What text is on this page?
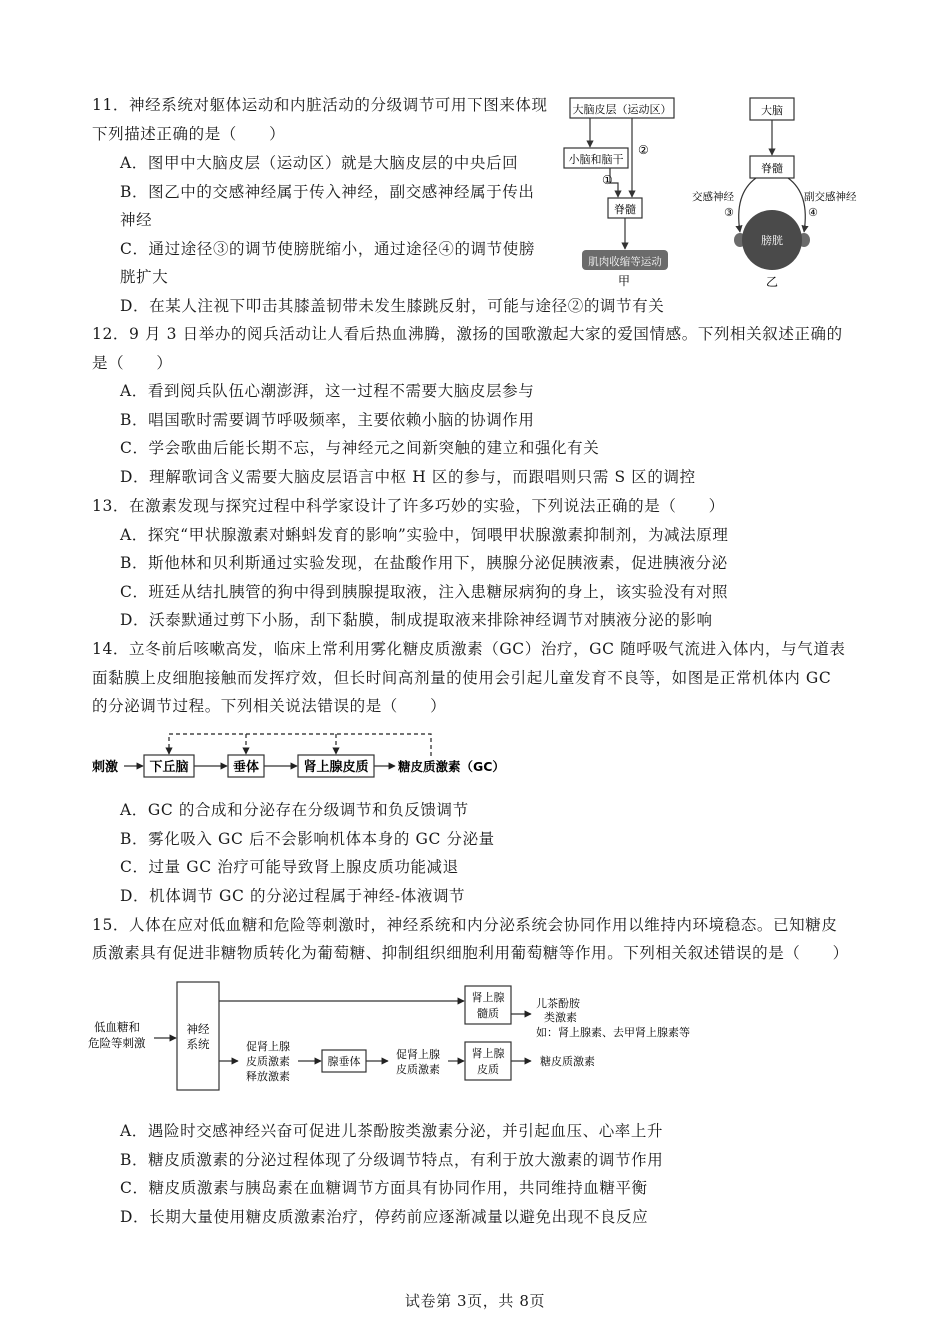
11．神经系统对躯体运动和内脏活动的分级调节可用下图来体现
下列描述正确的是（　　）
A．图甲中大脑皮层（运动区）就是大脑皮层的中央后回
B．图乙中的交感神经属于传入神经，副交感神经属于传出
神经
C．通过途径③的调节使膀胱缩小，通过途径④的调节使膀
胱扩大
D．在某人注视下叩击其膝盖韧带未发生膝跳反射，可能与途径②的调节有关
大脑皮层（运动区）
小脑和脑干
脊髓
肌肉收缩等运动
①
②
甲
大脑
脊髓
交感神经	副交感神经
③	④
膀胱
乙
12．9 月 3 日举办的阅兵活动让人看后热血沸腾，激扬的国歌激起大家的爱国情感。下列相关叙述正确的
是（　　）
A．看到阅兵队伍心潮澎湃，这一过程不需要大脑皮层参与
B．唱国歌时需要调节呼吸频率，主要依赖小脑的协调作用
C．学会歌曲后能长期不忘，与神经元之间新突触的建立和强化有关
D．理解歌词含义需要大脑皮层语言中枢 H 区的参与，而跟唱则只需 S 区的调控
13．在激素发现与探究过程中科学家设计了许多巧妙的实验，下列说法正确的是（　　）
A．探究“甲状腺激素对蝌蚪发育的影响”实验中，饲喂甲状腺激素抑制剂，为减法原理
B．斯他林和贝利斯通过实验发现，在盐酸作用下，胰腺分泌促胰液素，促进胰液分泌
C．班廷从结扎胰管的狗中得到胰腺提取液，注入患糖尿病狗的身上，该实验没有对照
D．沃泰默通过剪下小肠，刮下黏膜，制成提取液来排除神经调节对胰液分泌的影响
14．立冬前后咳嗽高发，临床上常利用雾化糖皮质激素（GC）治疗，GC 随呼吸气流进入体内，与气道表
面黏膜上皮细胞接触而发挥疗效，但长时间高剂量的使用会引起儿童发育不良等，如图是正常机体内 GC
的分泌调节过程。下列相关说法错误的是（　　）
刺激 下丘脑	垂体	肾上腺皮质 糖皮质激素（GC）
A．GC 的合成和分泌存在分级调节和负反馈调节
B．雾化吸入 GC 后不会影响机体本身的 GC 分泌量
C．过量 GC 治疗可能导致肾上腺皮质功能减退
D．机体调节 GC 的分泌过程属于神经-体液调节
15．人体在应对低血糖和危险等刺激时，神经系统和内分泌系统会协同作用以维持内环境稳态。已知糖皮
质激素具有促进非糖物质转化为葡萄糖、抑制组织细胞利用葡萄糖等作用。下列相关叙述错误的是（　　）
低血糖和
危险等刺激
神经
系统
肾上腺
髓质
儿茶酚胺
类激素
如：肾上腺素、去甲肾上腺素等
促肾上腺
皮质激素
释放激素
腺垂体
促肾上腺
皮质激素
肾上腺
皮质
糖皮质激素
A．遇险时交感神经兴奋可促进儿茶酚胺类激素分泌，并引起血压、心率上升
B．糖皮质激素的分泌过程体现了分级调节特点，有利于放大激素的调节作用
C．糖皮质激素与胰岛素在血糖调节方面具有协同作用，共同维持血糖平衡
D．长期大量使用糖皮质激素治疗，停药前应逐渐减量以避免出现不良反应
试卷第 3页，共 8页
